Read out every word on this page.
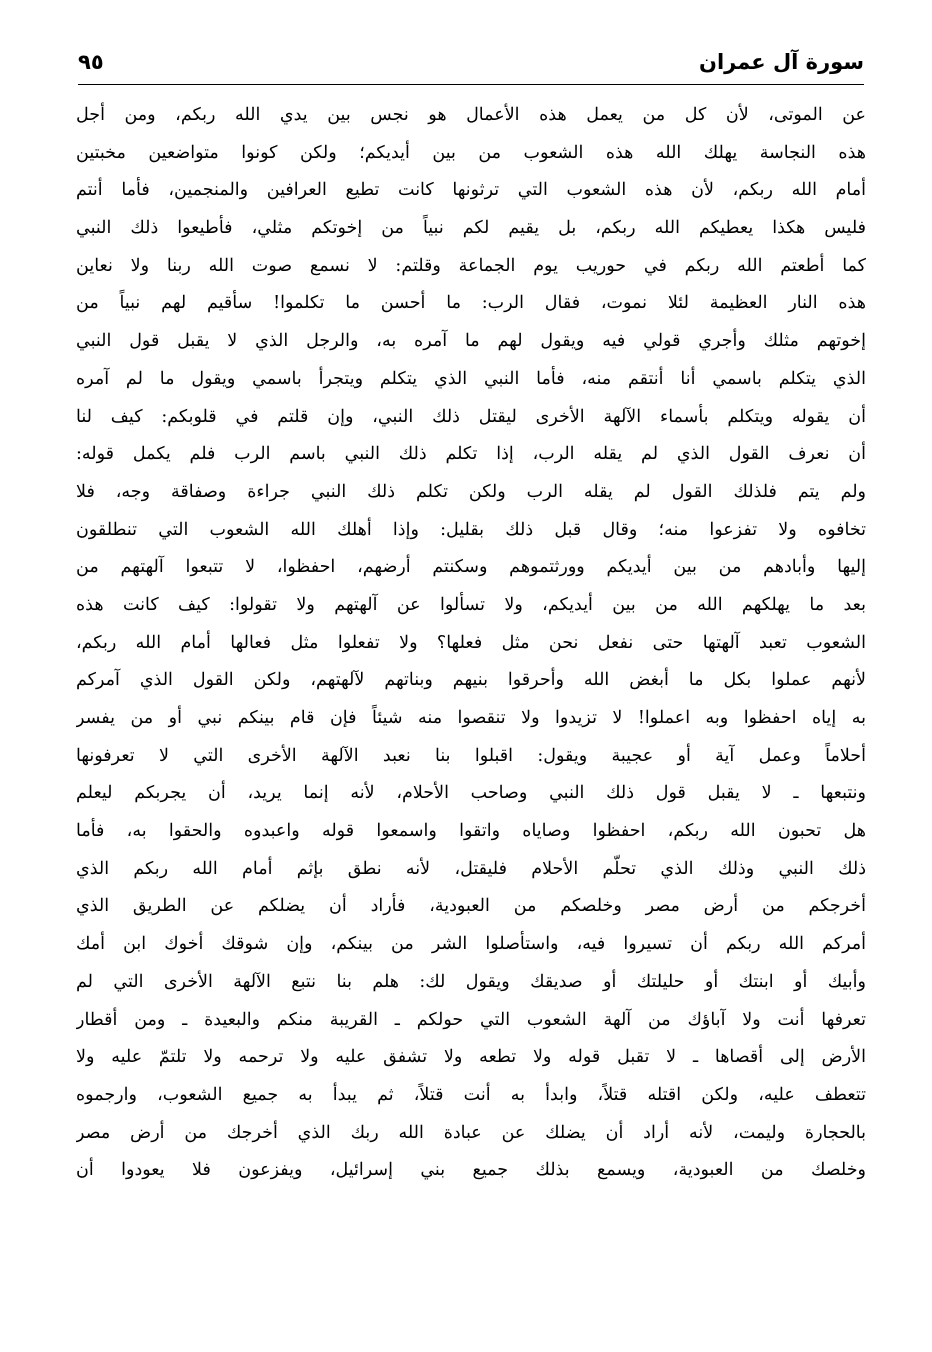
سورة آل عمران
٩٥
عن الموتى، لأن كل من يعمل هذه الأعمال هو نجس بين يدي الله ربكم، ومن أجل
هذه النجاسة يهلك الله هذه الشعوب من بين أيديكم؛ ولكن كونوا متواضعين مخبتين
أمام الله ربكم، لأن هذه الشعوب التي ترثونها كانت تطيع العرافين والمنجمين، فأما أنتم
فليس هكذا يعطيكم الله ربكم، بل يقيم لكم نبياً من إخوتكم مثلي، فأطيعوا ذلك النبي
كما أطعتم الله ربكم في حوريب يوم الجماعة وقلتم: لا نسمع صوت الله ربنا ولا نعاين
هذه النار العظيمة لئلا نموت، فقال الرب: ما أحسن ما تكلموا! سأقيم لهم نبياً من
إخوتهم مثلك وأجري قولي فيه ويقول لهم ما آمره به، والرجل الذي لا يقبل قول النبي
الذي يتكلم باسمي أنا أنتقم منه، فأما النبي الذي يتكلم ويتجرأ باسمي ويقول ما لم آمره
أن يقوله ويتكلم بأسماء الآلهة الأخرى ليقتل ذلك النبي، وإن قلتم في قلوبكم: كيف لنا
أن نعرف القول الذي لم يقله الرب، إذا تكلم ذلك النبي باسم الرب فلم يكمل قوله:
ولم يتم فلذلك القول لم يقله الرب ولكن تكلم ذلك النبي جراءة وصفاقة وجه، فلا
تخافوه ولا تفزعوا منه؛ وقال قبل ذلك بقليل: وإذا أهلك الله الشعوب التي تنطلقون
إليها وأبادهم من بين أيديكم وورثتموهم وسكنتم أرضهم، احفظوا، لا تتبعوا آلهتهم من
بعد ما يهلكهم الله من بين أيديكم، ولا تسألوا عن آلهتهم ولا تقولوا: كيف كانت هذه
الشعوب تعبد آلهتها حتى نفعل نحن مثل فعلها؟ ولا تفعلوا مثل فعالها أمام الله ربكم،
لأنهم عملوا بكل ما أبغض الله وأحرقوا بنيهم وبناتهم لآلهتهم، ولكن القول الذي آمركم
به إياه احفظوا وبه اعملوا! لا تزيدوا ولا تنقصوا منه شيئاً فإن قام بينكم نبي أو من يفسر
أحلاماً وعمل آية أو عجيبة ويقول: اقبلوا بنا نعبد الآلهة الأخرى التي لا تعرفونها
ونتبعها ـ لا يقبل قول ذلك النبي وصاحب الأحلام، لأنه إنما يريد، أن يجربكم ليعلم
هل تحبون الله ربكم، احفظوا وصاياه واتقوا واسمعوا قوله واعبدوه والحقوا به، فأما
ذلك النبي وذلك الذي تحلّم الأحلام فليقتل، لأنه نطق بإثم أمام الله ربكم الذي
أخرجكم من أرض مصر وخلصكم من العبودية، فأراد أن يضلكم عن الطريق الذي
أمركم الله ربكم أن تسيروا فيه، واستأصلوا الشر من بينكم، وإن شوقك أخوك ابن أمك
وأبيك أو ابنتك أو حليلتك أو صديقك ويقول لك: هلم بنا نتبع الآلهة الأخرى التي لم
تعرفها أنت ولا آباؤك من آلهة الشعوب التي حولكم ـ القريبة منكم والبعيدة ـ ومن أقطار
الأرض إلى أقصاها ـ لا تقبل قوله ولا تطعه ولا تشفق عليه ولا ترحمه ولا تلتمّ عليه ولا
تتعطف عليه، ولكن اقتله قتلاً، وابدأ به أنت قتلاً، ثم يبدأ به جميع الشعوب، وارجموه
بالحجارة وليمت، لأنه أراد أن يضلك عن عبادة الله ربك الذي أخرجك من أرض مصر
وخلصك من العبودية، ويسمع بذلك جميع بني إسرائيل، ويفزعون فلا يعودوا أن
